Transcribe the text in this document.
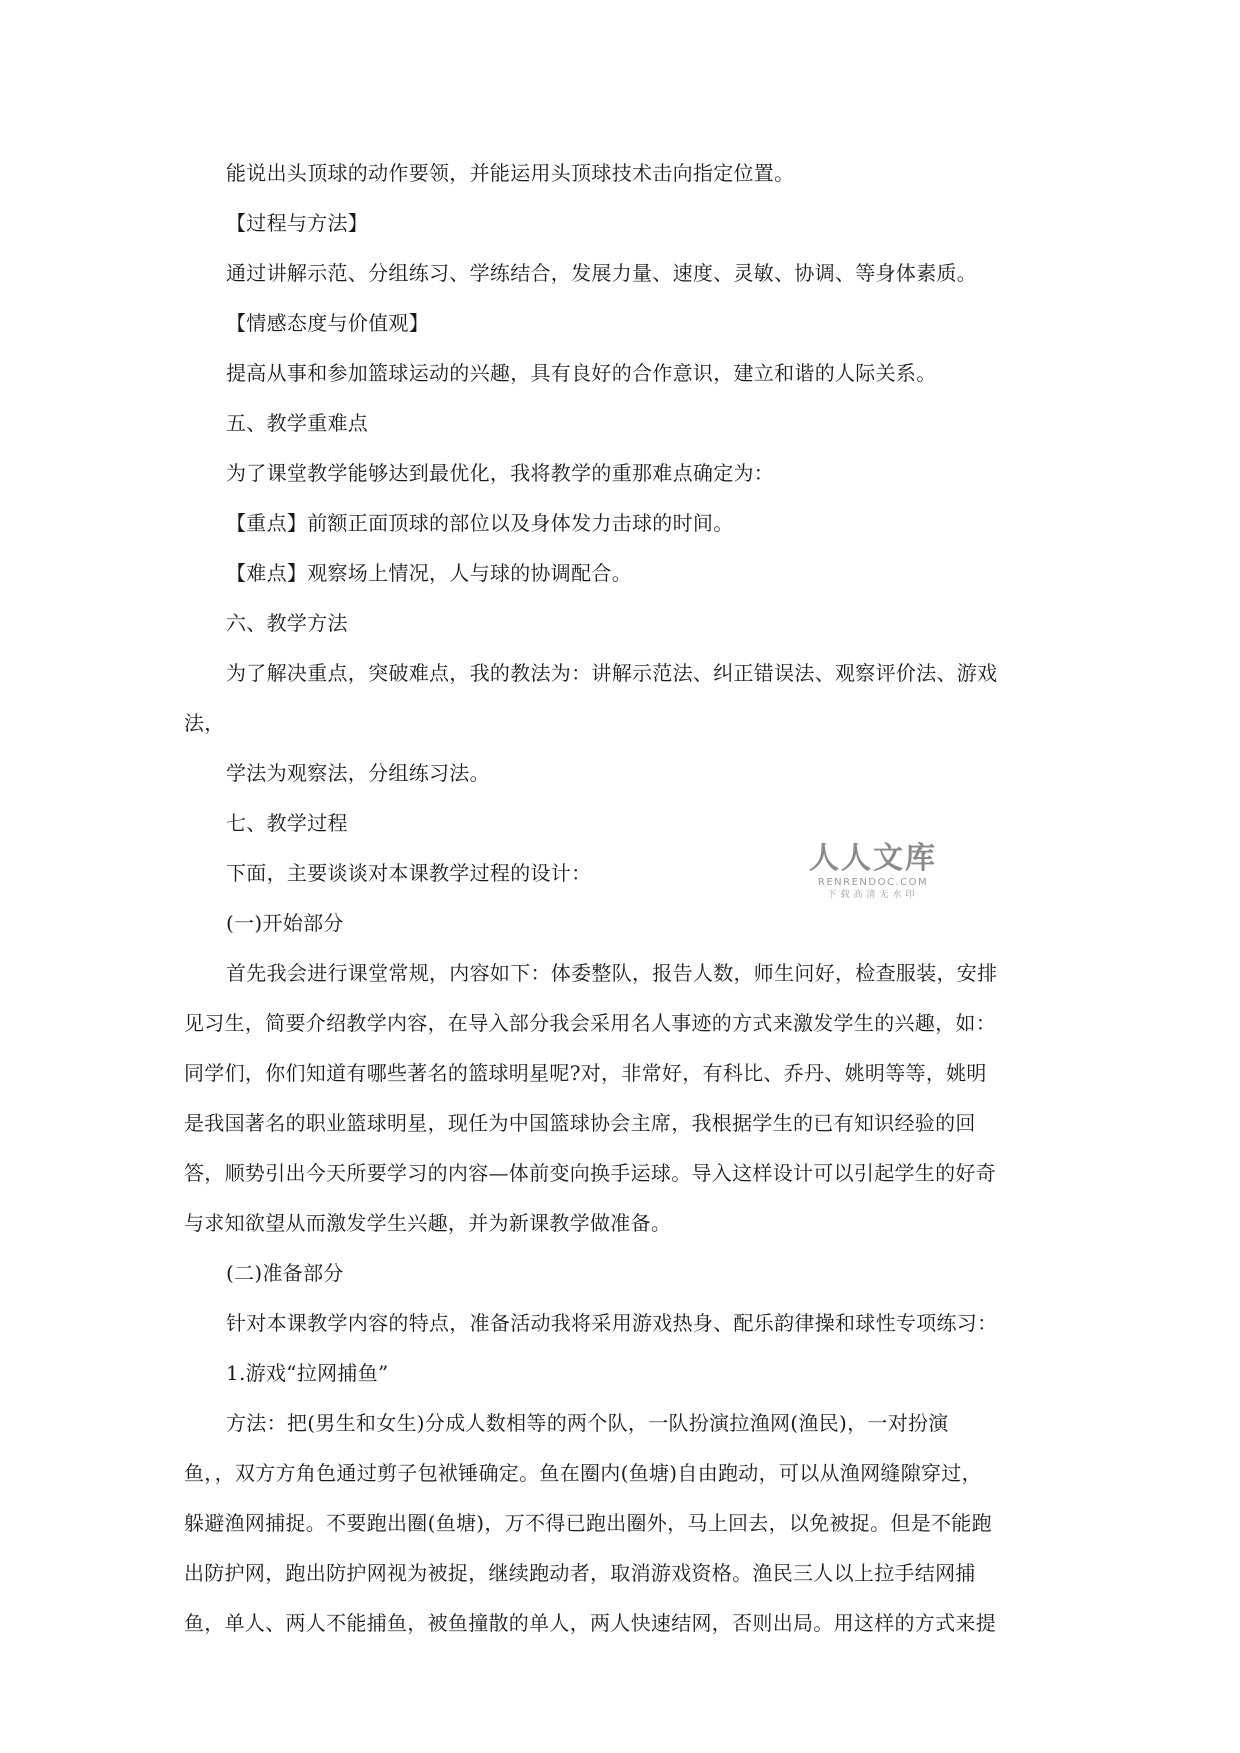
能说出头顶球的动作要领，并能运用头顶球技术击向指定位置。
【过程与方法】
通过讲解示范、分组练习、学练结合，发展力量、速度、灵敏、协调、等身体素质。
【情感态度与价值观】
提高从事和参加篮球运动的兴趣，具有良好的合作意识，建立和谐的人际关系。
五、教学重难点
为了课堂教学能够达到最优化，我将教学的重那难点确定为：
【重点】前额正面顶球的部位以及身体发力击球的时间。
【难点】观察场上情况，人与球的协调配合。
六、教学方法
为了解决重点，突破难点，我的教法为：讲解示范法、纠正错误法、观察评价法、游戏
法，
学法为观察法，分组练习法。
七、教学过程
下面，主要谈谈对本课教学过程的设计：
(一)开始部分
首先我会进行课堂常规，内容如下：体委整队，报告人数，师生问好，检查服装，安排
见习生，简要介绍教学内容，在导入部分我会采用名人事迹的方式来激发学生的兴趣，如：
同学们，你们知道有哪些著名的篮球明星呢?对，非常好，有科比、乔丹、姚明等等，姚明
是我国著名的职业篮球明星，现任为中国篮球协会主席，我根据学生的已有知识经验的回
答，顺势引出今天所要学习的内容—体前变向换手运球。导入这样设计可以引起学生的好奇
与求知欲望从而激发学生兴趣，并为新课教学做准备。
(二)准备部分
针对本课教学内容的特点，准备活动我将采用游戏热身、配乐韵律操和球性专项练习：
1.游戏“拉网捕鱼”
方法：把(男生和女生)分成人数相等的两个队，一队扮演拉渔网(渔民)，一对扮演
鱼，，双方方角色通过剪子包袱锤确定。鱼在圈内(鱼塘)自由跑动，可以从渔网缝隙穿过，
躲避渔网捕捉。不要跑出圈(鱼塘)，万不得已跑出圈外，马上回去，以免被捉。但是不能跑
出防护网，跑出防护网视为被捉，继续跑动者，取消游戏资格。渔民三人以上拉手结网捕
鱼，单人、两人不能捕鱼，被鱼撞散的单人，两人快速结网，否则出局。用这样的方式来提
人人文库
RENRENDOC.COM
下载高清无水印
